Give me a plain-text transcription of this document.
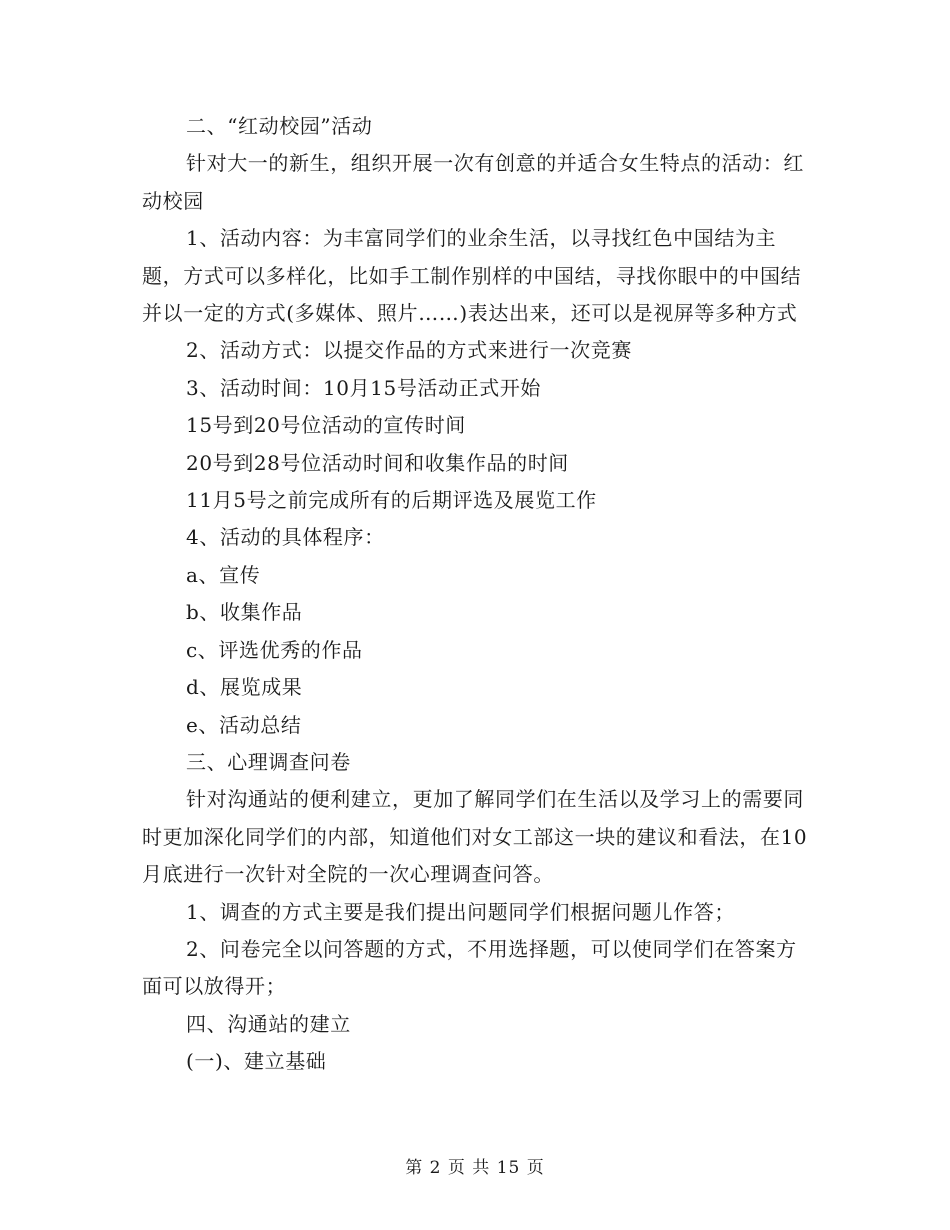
二、“红动校园”活动

针对大一的新生，组织开展一次有创意的并适合女生特点的活动：红动校园

1、活动内容：为丰富同学们的业余生活，以寻找红色中国结为主题，方式可以多样化，比如手工制作别样的中国结，寻找你眼中的中国结并以一定的方式(多媒体、照片……)表达出来，还可以是视屏等多种方式

2、活动方式：以提交作品的方式来进行一次竞赛

3、活动时间：10月15号活动正式开始

15号到20号位活动的宣传时间

20号到28号位活动时间和收集作品的时间

11月5号之前完成所有的后期评选及展览工作

4、活动的具体程序：

a、宣传

b、收集作品

c、评选优秀的作品

d、展览成果

e、活动总结

三、心理调查问卷

针对沟通站的便利建立，更加了解同学们在生活以及学习上的需要同时更加深化同学们的内部，知道他们对女工部这一块的建议和看法，在10月底进行一次针对全院的一次心理调查问答。

1、调查的方式主要是我们提出问题同学们根据问题儿作答；

2、问卷完全以问答题的方式，不用选择题，可以使同学们在答案方面可以放得开；

四、沟通站的建立

(一)、建立基础

第 2 页 共 15 页
